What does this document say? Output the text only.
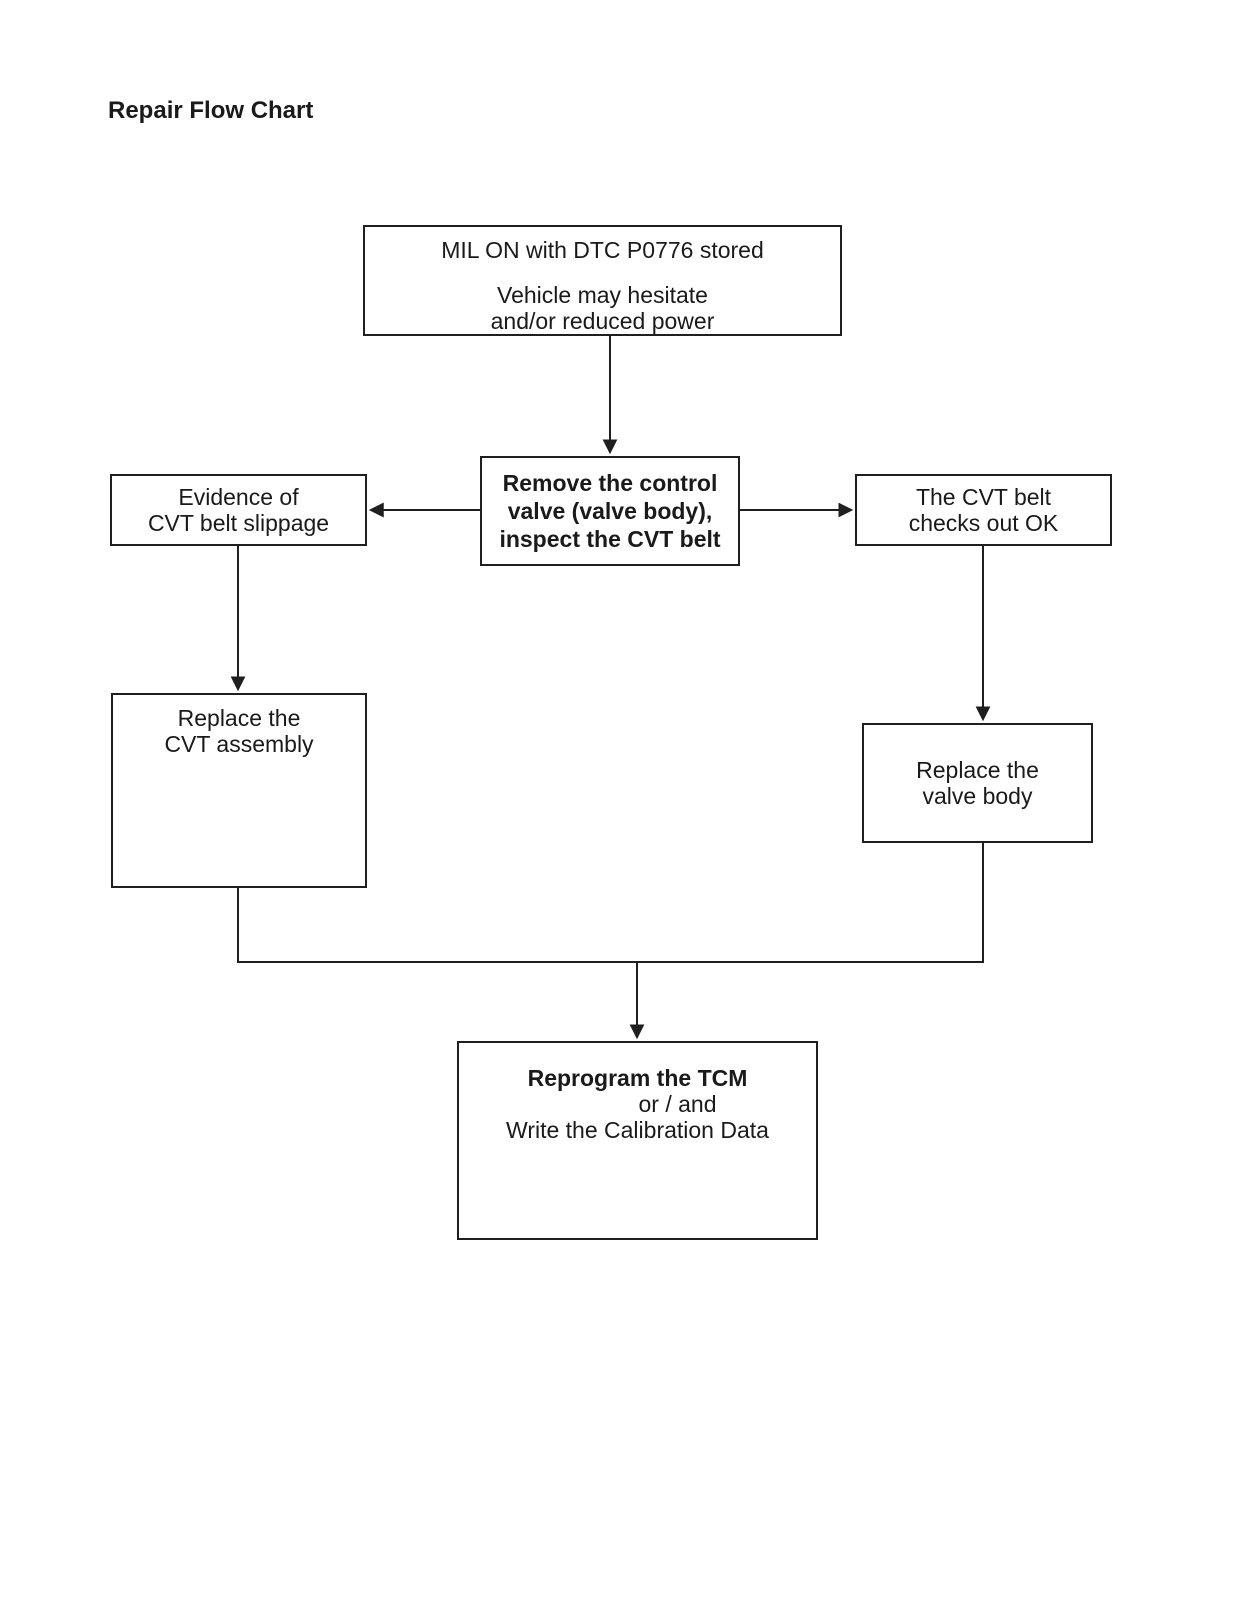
Repair Flow Chart
MIL ON with DTC P0776 stored
Vehicle may hesitate
and/or reduced power
Remove the control
valve (valve body),
inspect the CVT belt
Evidence of
CVT belt slippage
The CVT belt
checks out OK
Replace the
CVT assembly
Replace the
valve body
Reprogram the TCM
or / and
Write the Calibration Data
